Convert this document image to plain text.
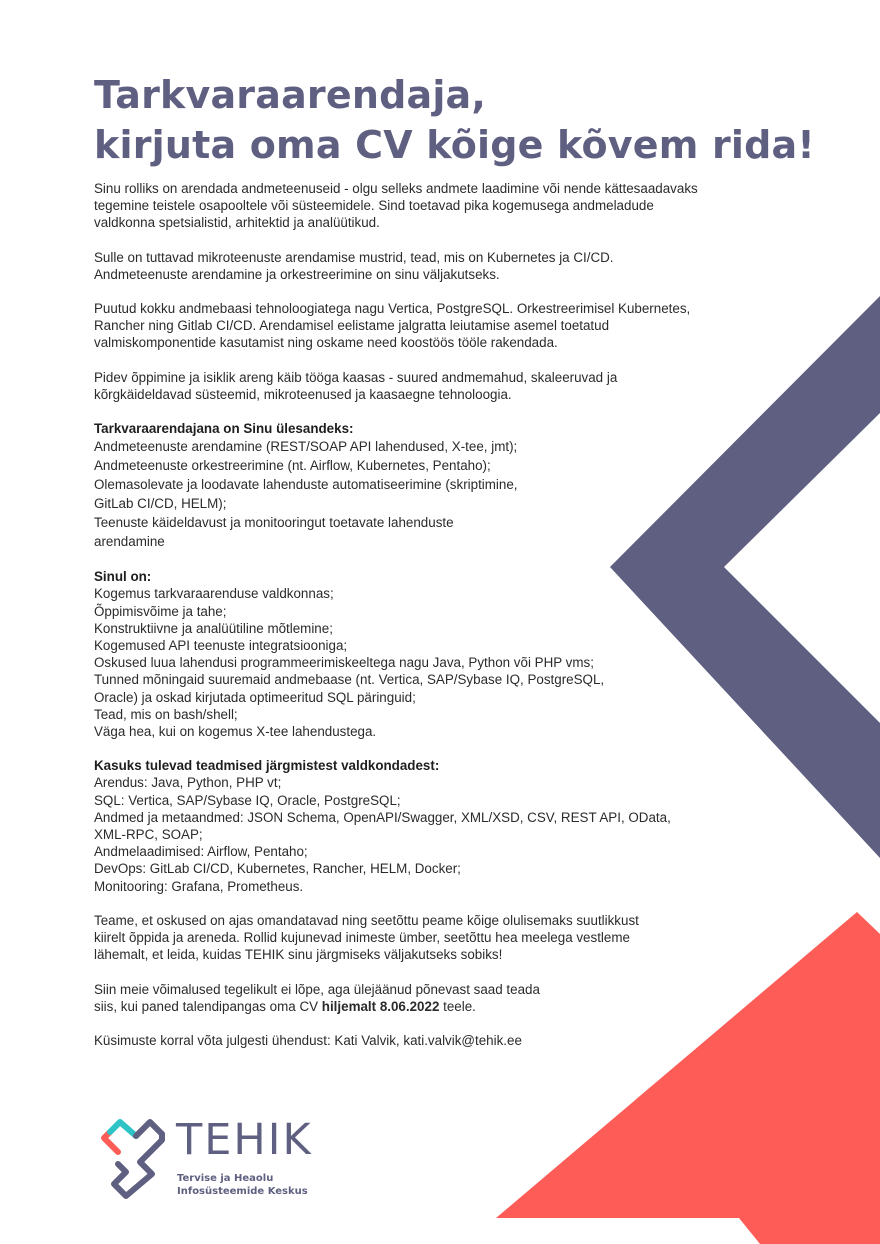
Tarkvaraarendaja,
kirjuta oma CV kõige kõvem rida!

Sinu rolliks on arendada andmeteenuseid - olgu selleks andmete laadimine või nende kättesaadavaks
tegemine teistele osapooltele või süsteemidele. Sind toetavad pika kogemusega andmeladude
valdkonna spetsialistid, arhitektid ja analüütikud.

Sulle on tuttavad mikroteenuste arendamise mustrid, tead, mis on Kubernetes ja CI/CD.
Andmeteenuste arendamine ja orkestreerimine on sinu väljakutseks.

Puutud kokku andmebaasi tehnoloogiatega nagu Vertica, PostgreSQL. Orkestreerimisel Kubernetes,
Rancher ning Gitlab CI/CD. Arendamisel eelistame jalgratta leiutamise asemel toetatud
valmiskomponentide kasutamist ning oskame need koostöös tööle rakendada.

Pidev õppimine ja isiklik areng käib tööga kaasas - suured andmemahud, skaleeruvad ja
kõrgkäideldavad süsteemid, mikroteenused ja kaasaegne tehnoloogia.

Tarkvaraarendajana on Sinu ülesandeks:
Andmeteenuste arendamine (REST/SOAP API lahendused, X-tee, jmt);
Andmeteenuste orkestreerimine (nt. Airflow, Kubernetes, Pentaho);
Olemasolevate ja loodavate lahenduste automatiseerimine (skriptimine,
GitLab CI/CD, HELM);
Teenuste käideldavust ja monitooringut toetavate lahenduste
arendamine
Sinul on:
Kogemus tarkvaraarenduse valdkonnas;
Õppimisvõime ja tahe;
Konstruktiivne ja analüütiline mõtlemine;
Kogemused API teenuste integratsiooniga;
Oskused luua lahendusi programmeerimiskeeltega nagu Java, Python või PHP vms;
Tunned mõningaid suuremaid andmebaase (nt. Vertica, SAP/Sybase IQ, PostgreSQL,
Oracle) ja oskad kirjutada optimeeritud SQL päringuid;
Tead, mis on bash/shell;
Väga hea, kui on kogemus X-tee lahendustega.
Kasuks tulevad teadmised järgmistest valdkondadest:
Arendus: Java, Python, PHP vt;
SQL: Vertica, SAP/Sybase IQ, Oracle, PostgreSQL;
Andmed ja metaandmed: JSON Schema, OpenAPI/Swagger, XML/XSD, CSV, REST API, OData,
XML-RPC, SOAP;
Andmelaadimised: Airflow, Pentaho;
DevOps: GitLab CI/CD, Kubernetes, Rancher, HELM, Docker;
Monitooring: Grafana, Prometheus.

Teame, et oskused on ajas omandatavad ning seetõttu peame kõige olulisemaks suutlikkust
kiirelt õppida ja areneda. Rollid kujunevad inimeste ümber, seetõttu hea meelega vestleme
lähemalt, et leida, kuidas TEHIK sinu järgmiseks väljakutseks sobiks!

Siin meie võimalused tegelikult ei lõpe, aga ülejäänud põnevast saad teada
siis, kui paned talendipangas oma CV hiljemalt 8.06.2022 teele.

Küsimuste korral võta julgesti ühendust: Kati Valvik, kati.valvik@tehik.ee

TEHIK
Tervise ja Heaolu
Infosüsteemide Keskus
